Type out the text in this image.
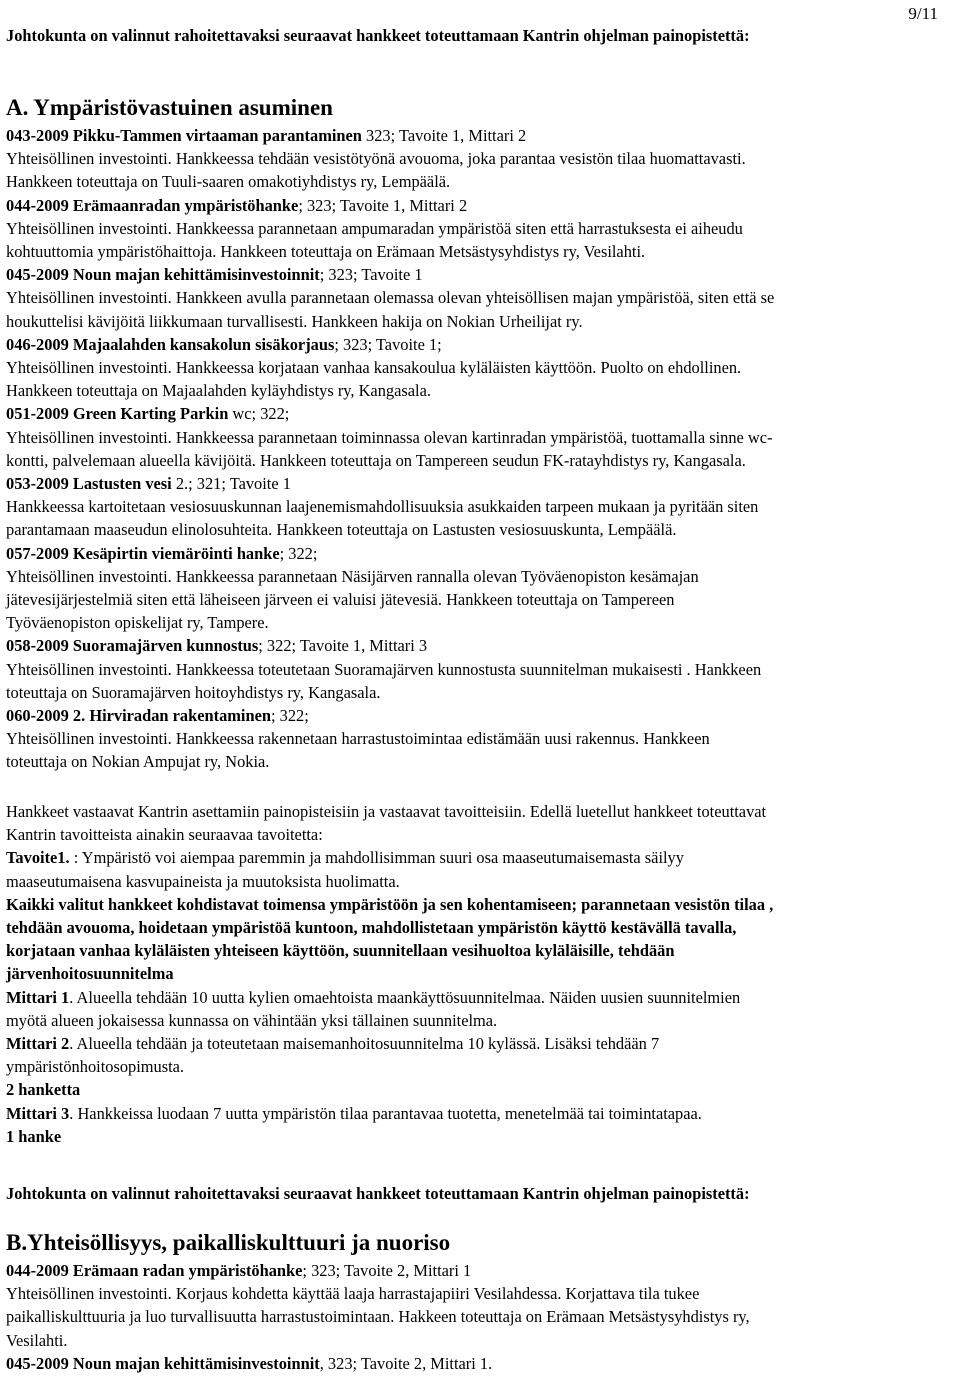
9/11

Johtokunta on valinnut rahoitettavaksi seuraavat hankkeet toteuttamaan Kantrin ohjelman painopistettä:

A. Ympäristövastuinen asuminen

043-2009 Pikku-Tammen virtaaman parantaminen 323; Tavoite 1, Mittari 2

Yhteisöllinen investointi. Hankkeessa tehdään vesistötyönä avouoma, joka parantaa vesistön tilaa huomattavasti.

Hankkeen toteuttaja on Tuuli-saaren omakotiyhdistys ry, Lempäälä.

044-2009 Erämaanradan ympäristöhanke; 323; Tavoite 1, Mittari 2

Yhteisöllinen investointi. Hankkeessa parannetaan ampumaradan ympäristöä siten että harrastuksesta ei aiheudu

kohtuuttomia ympäristöhaittoja. Hankkeen toteuttaja on Erämaan Metsästysyhdistys ry, Vesilahti.

045-2009 Noun majan kehittämisinvestoinnit; 323; Tavoite 1

Yhteisöllinen investointi. Hankkeen avulla parannetaan olemassa olevan yhteisöllisen majan ympäristöä, siten että se

houkuttelisi kävijöitä liikkumaan turvallisesti. Hankkeen hakija on Nokian Urheilijat ry.

046-2009 Majaalahden kansakolun sisäkorjaus; 323; Tavoite 1;

Yhteisöllinen investointi. Hankkeessa korjataan vanhaa kansakoulua kyläläisten käyttöön. Puolto on ehdollinen.

Hankkeen toteuttaja on Majaalahden kyläyhdistys ry, Kangasala.

051-2009 Green Karting Parkin wc; 322;

Yhteisöllinen investointi. Hankkeessa parannetaan toiminnassa olevan kartinradan ympäristöä, tuottamalla sinne wc-

kontti, palvelemaan alueella kävijöitä. Hankkeen toteuttaja on Tampereen seudun FK-ratayhdistys ry, Kangasala.

053-2009 Lastusten vesi 2.; 321; Tavoite 1

Hankkeessa kartoitetaan vesiosuuskunnan laajenemismahdollisuuksia asukkaiden tarpeen mukaan ja pyritään siten

parantamaan maaseudun elinolosuhteita. Hankkeen toteuttaja on Lastusten vesiosuuskunta, Lempäälä.

057-2009 Kesäpirtin viemäröinti hanke; 322;

Yhteisöllinen investointi. Hankkeessa parannetaan Näsijärven rannalla olevan Työväenopiston kesämajan

jätevesijärjestelmiä siten että läheiseen järveen ei valuisi jätevesiä. Hankkeen toteuttaja on Tampereen

Työväenopiston opiskelijat ry, Tampere.

058-2009 Suoramajärven kunnostus; 322; Tavoite 1, Mittari 3

Yhteisöllinen investointi. Hankkeessa toteutetaan Suoramajärven kunnostusta suunnitelman mukaisesti . Hankkeen

toteuttaja on Suoramajärven hoitoyhdistys ry, Kangasala.

060-2009 2. Hirviradan rakentaminen; 322;

Yhteisöllinen investointi. Hankkeessa rakennetaan harrastustoimintaa edistämään uusi rakennus. Hankkeen

toteuttaja on Nokian Ampujat ry, Nokia.

Hankkeet vastaavat Kantrin asettamiin painopisteisiin ja vastaavat tavoitteisiin. Edellä luetellut hankkeet toteuttavat

Kantrin tavoitteista ainakin seuraavaa tavoitetta:

Tavoite1. : Ympäristö voi aiempaa paremmin ja mahdollisimman suuri osa maaseutumaisemasta säilyy

maaseutumaisena kasvupaineista ja muutoksista huolimatta.

Kaikki valitut hankkeet kohdistavat toimensa ympäristöön ja sen kohentamiseen; parannetaan vesistön tilaa ,

tehdään avouoma, hoidetaan ympäristöä kuntoon, mahdollistetaan ympäristön käyttö kestävällä tavalla,

korjataan vanhaa kyläläisten yhteiseen käyttöön, suunnitellaan vesihuoltoa kyläläisille, tehdään

järvenhoitosuunnitelma

Mittari 1. Alueella tehdään 10 uutta kylien omaehtoista maankäyttösuunnitelmaa. Näiden uusien suunnitelmien

myötä alueen jokaisessa kunnassa on vähintään yksi tällainen suunnitelma.

Mittari 2. Alueella tehdään ja toteutetaan maisemanhoitosuunnitelma 10 kylässä. Lisäksi tehdään 7

ympäristönhoitosopimusta.

2 hanketta

Mittari 3. Hankkeissa luodaan 7 uutta ympäristön tilaa parantavaa tuotetta, menetelmää tai toimintatapaa.

1 hanke

Johtokunta on valinnut rahoitettavaksi seuraavat hankkeet toteuttamaan Kantrin ohjelman painopistettä:

B.Yhteisöllisyys, paikalliskulttuuri ja nuoriso

044-2009 Erämaan radan ympäristöhanke; 323; Tavoite 2, Mittari 1

Yhteisöllinen investointi. Korjaus kohdetta käyttää laaja harrastajapiiri Vesilahdessa. Korjattava tila tukee

paikalliskulttuuria ja luo turvallisuutta harrastustoimintaan. Hakkeen toteuttaja on Erämaan Metsästysyhdistys ry,

Vesilahti.

045-2009 Noun majan kehittämisinvestoinnit, 323; Tavoite 2, Mittari 1.
